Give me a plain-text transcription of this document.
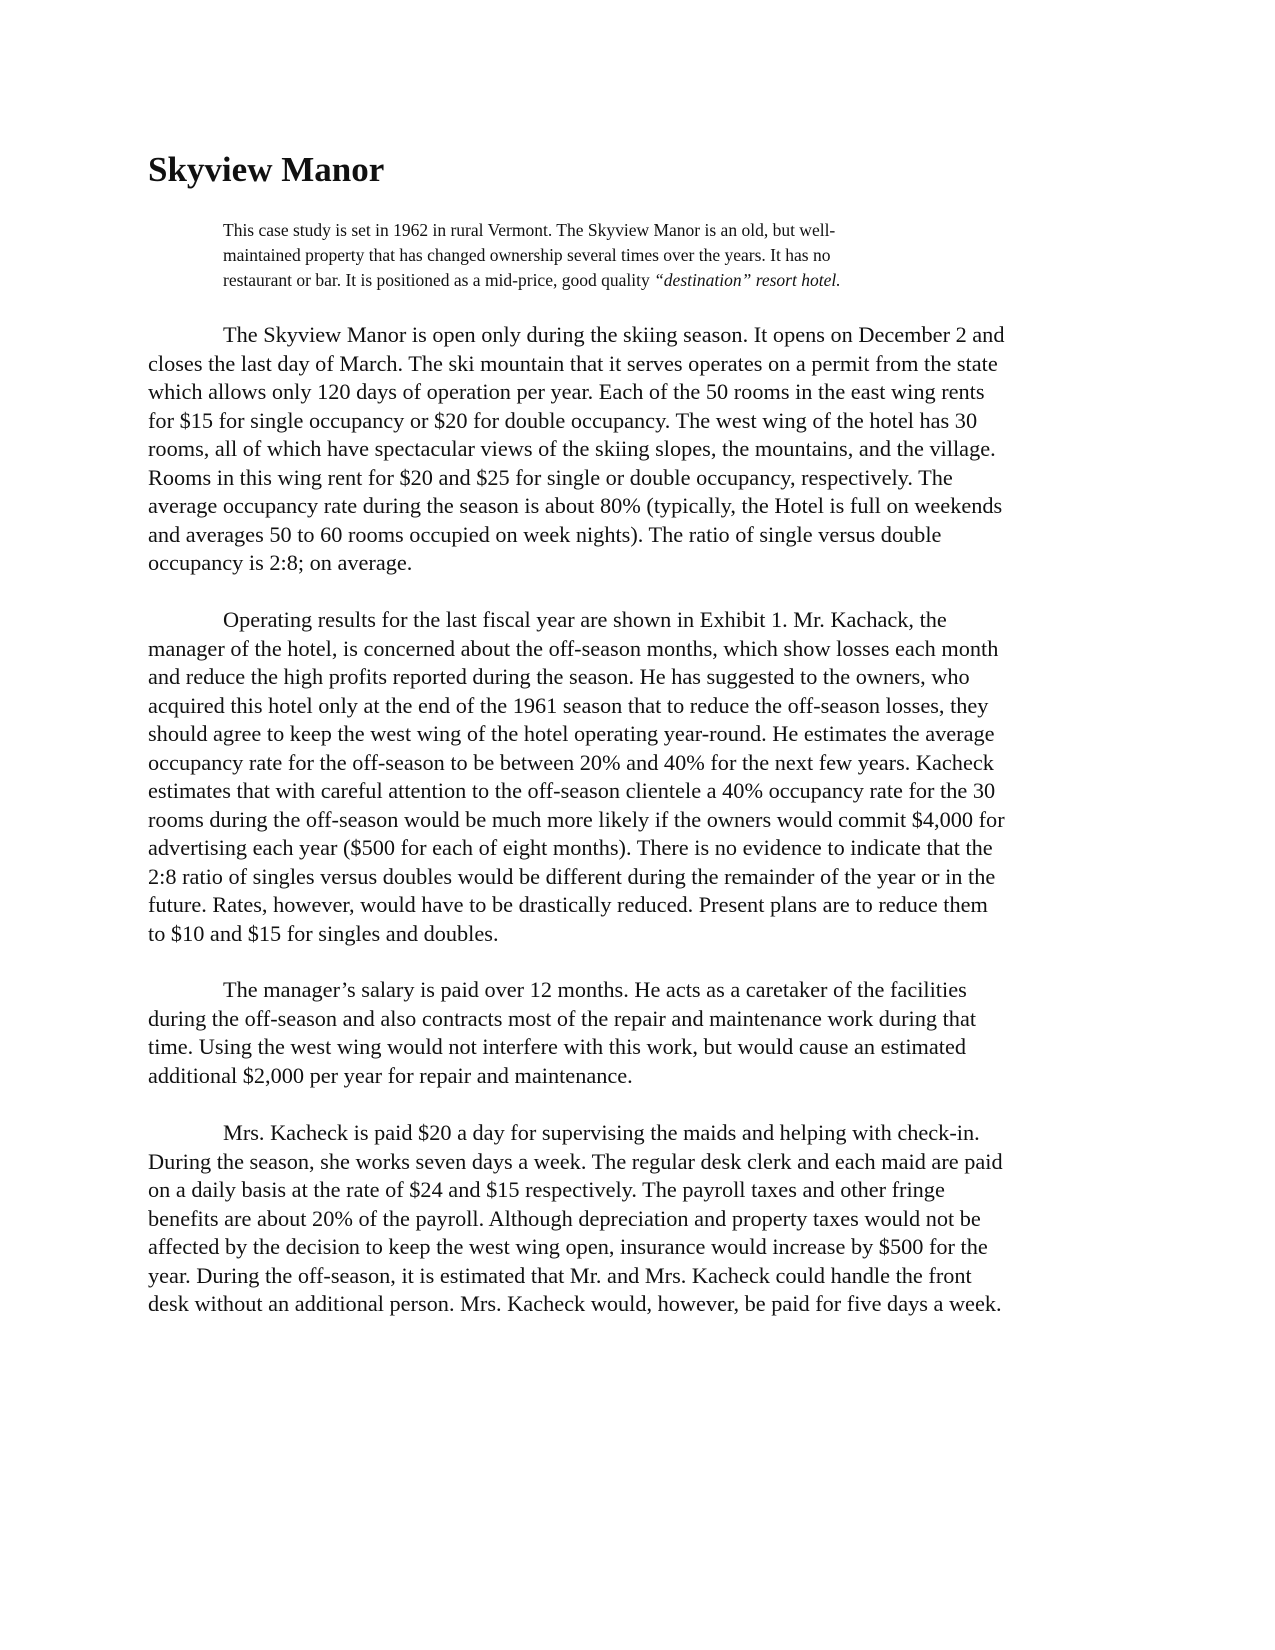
Skyview Manor
This case study is set in 1962 in rural Vermont. The Skyview Manor is an old, but well-
maintained property that has changed ownership several times over the years. It has no
restaurant or bar. It is positioned as a mid-price, good quality “destination” resort hotel.
The Skyview Manor is open only during the skiing season. It opens on December 2 and
closes the last day of March. The ski mountain that it serves operates on a permit from the state
which allows only 120 days of operation per year. Each of the 50 rooms in the east wing rents
for $15 for single occupancy or $20 for double occupancy. The west wing of the hotel has 30
rooms, all of which have spectacular views of the skiing slopes, the mountains, and the village.
Rooms in this wing rent for $20 and $25 for single or double occupancy, respectively. The
average occupancy rate during the season is about 80% (typically, the Hotel is full on weekends
and averages 50 to 60 rooms occupied on week nights). The ratio of single versus double
occupancy is 2:8; on average.
Operating results for the last fiscal year are shown in Exhibit 1. Mr. Kachack, the
manager of the hotel, is concerned about the off-season months, which show losses each month
and reduce the high profits reported during the season. He has suggested to the owners, who
acquired this hotel only at the end of the 1961 season that to reduce the off-season losses, they
should agree to keep the west wing of the hotel operating year-round. He estimates the average
occupancy rate for the off-season to be between 20% and 40% for the next few years. Kacheck
estimates that with careful attention to the off-season clientele a 40% occupancy rate for the 30
rooms during the off-season would be much more likely if the owners would commit $4,000 for
advertising each year ($500 for each of eight months). There is no evidence to indicate that the
2:8 ratio of singles versus doubles would be different during the remainder of the year or in the
future. Rates, however, would have to be drastically reduced. Present plans are to reduce them
to $10 and $15 for singles and doubles.
The manager’s salary is paid over 12 months. He acts as a caretaker of the facilities
during the off-season and also contracts most of the repair and maintenance work during that
time. Using the west wing would not interfere with this work, but would cause an estimated
additional $2,000 per year for repair and maintenance.
Mrs. Kacheck is paid $20 a day for supervising the maids and helping with check-in.
During the season, she works seven days a week. The regular desk clerk and each maid are paid
on a daily basis at the rate of $24 and $15 respectively. The payroll taxes and other fringe
benefits are about 20% of the payroll. Although depreciation and property taxes would not be
affected by the decision to keep the west wing open, insurance would increase by $500 for the
year. During the off-season, it is estimated that Mr. and Mrs. Kacheck could handle the front
desk without an additional person. Mrs. Kacheck would, however, be paid for five days a week.
